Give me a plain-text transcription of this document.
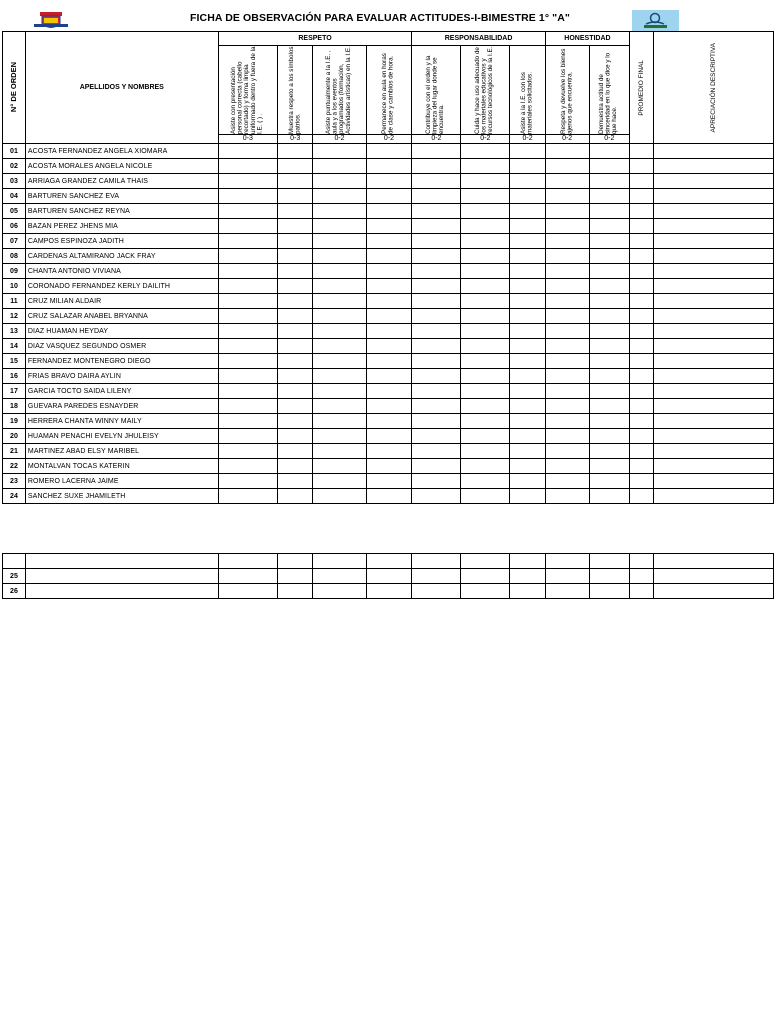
FICHA DE OBSERVACIÓN PARA EVALUAR ACTITUDES-I-BIMESTRE 1° "A"
N° DE ORDEN	APELLIDOS Y NOMBRES	RESPETO				RESPONSABILIDAD			HONESTIDAD		PROMEDIO FINAL	APRECIACIÓN DESCRIPTIVA

		Asiste con presentación personal correcta (cabello recortado) y forma limpia uniformado dentro y fuera de la I.E. ( ) .	Muestra respeto a los símbolos patrios.	Asiste puntualmente a la I.E. , aula y a los eventos programados (formación, Actividades artísticas) en la I.E.	Permanece en aula en horas de clase y cambios de hora.	Contribuye con el orden y la limpieza del lugar donde se encuentra.	Cuida y hace uso adecuado de los materiales educativos y recursos tecnológicos de la I.E.	Asiste a la I.E. con los materiales solicitados.	Respeta y devuelve los bienes ajenos que encuentra.	Demuestra actitud de sinceridad en lo que dice y lo que hace.		

		0-3	0-3	0-2	0-2	0-2	0-2	0-2	0-2	0-2		
01	ACOSTA FERNANDEZ ANGELA XIOMARA											
02	ACOSTA MORALES ANGELA NICOLE											
03	ARRIAGA GRANDEZ CAMILA THAIS											
04	BARTUREN SANCHEZ EVA											
05	BARTUREN SANCHEZ REYNA											
06	BAZAN PEREZ JHENS MIA											
07	CAMPOS ESPINOZA JADITH											
08	CARDENAS ALTAMIRANO JACK FRAY											
09	CHANTA ANTONIO VIVIANA											
10	CORONADO FERNANDEZ KERLY DAILITH											
11	CRUZ MILIAN ALDAIR											
12	CRUZ SALAZAR ANABEL BRYANNA											
13	DIAZ HUAMAN HEYDAY											
14	DIAZ VASQUEZ SEGUNDO OSMER											
15	FERNANDEZ MONTENEGRO DIEGO											
16	FRIAS BRAVO DAIRA AYLIN											
17	GARCIA TOCTO SAIDA LILENY											
18	GUEVARA PAREDES ESNAYDER											
19	HERRERA CHANTA WINNY MAILY											
20	HUAMAN PENACHI EVELYN JHULEISY											
21	MARTINEZ ABAD ELSY MARIBEL											
22	MONTALVAN TOCAS KATERIN											
23	ROMERO LACERNA JAIME											
24	SANCHEZ SUXE JHAMILETH											

25												
26												
